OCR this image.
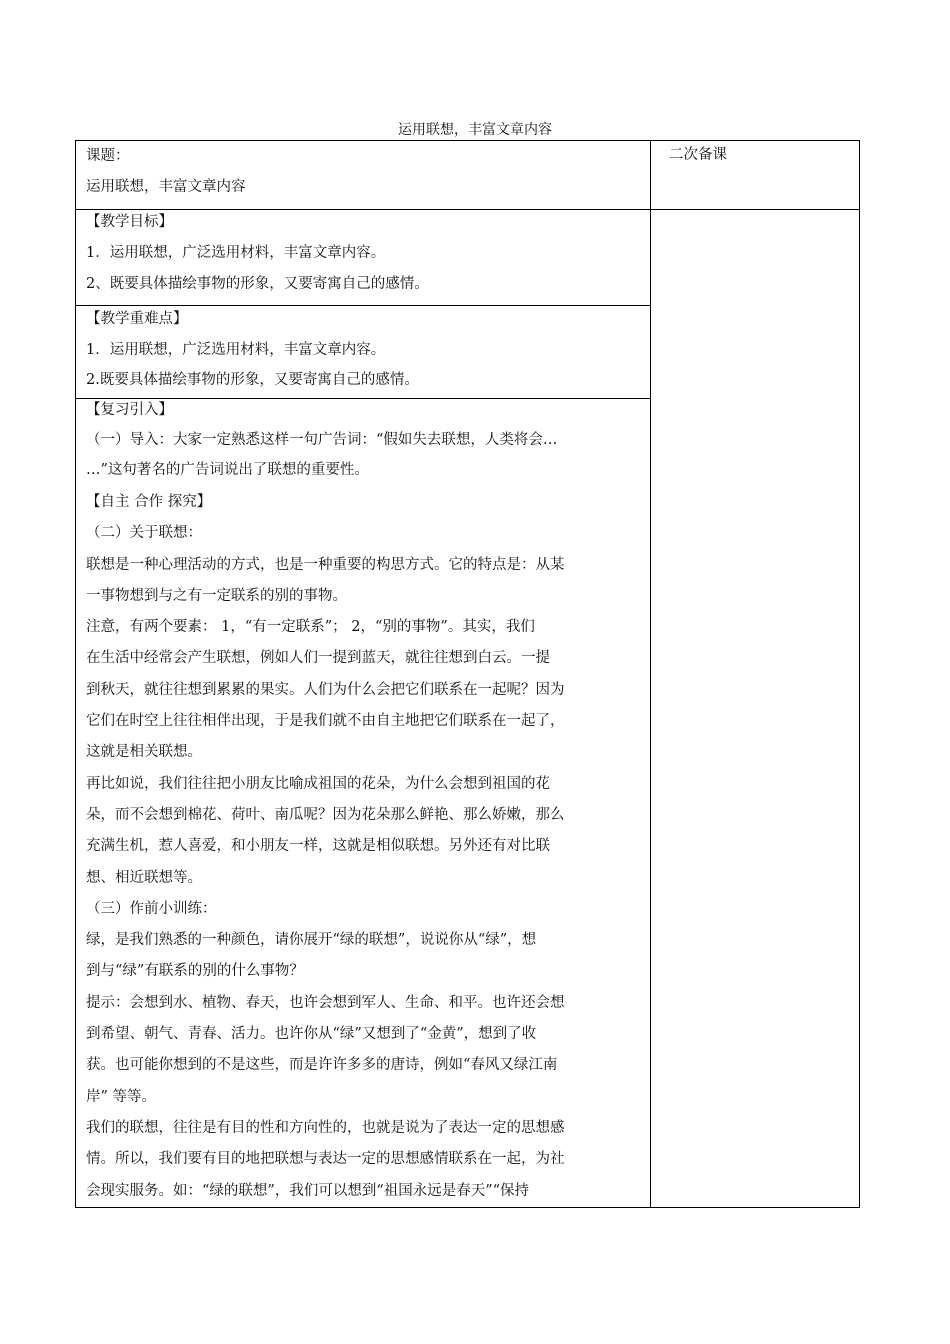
运用联想，丰富文章内容
二次备课

课题：

运用联想，丰富文章内容

【教学目标】

1．运用联想，广泛选用材料，丰富文章内容。

2、既要具体描绘事物的形象，又要寄寓自己的感情。

【教学重难点】

1．运用联想，广泛选用材料，丰富文章内容。

2.既要具体描绘事物的形象，又要寄寓自己的感情。

【复习引入】

（一）导入：大家一定熟悉这样一句广告词：“假如失去联想，人类将会…

…”这句著名的广告词说出了联想的重要性。

【自主 合作 探究】

（二）关于联想：

联想是一种心理活动的方式，也是一种重要的构思方式。它的特点是：从某

一事物想到与之有一定联系的别的事物。

注意，有两个要素： 1，“有一定联系”； 2，“别的事物”。其实，我们

在生活中经常会产生联想，例如人们一提到蓝天，就往往想到白云。一提

到秋天，就往往想到累累的果实。人们为什么会把它们联系在一起呢？因为

它们在时空上往往相伴出现，于是我们就不由自主地把它们联系在一起了，

这就是相关联想。

再比如说，我们往往把小朋友比喻成祖国的花朵，为什么会想到祖国的花

朵，而不会想到棉花、荷叶、南瓜呢？因为花朵那么鲜艳、那么娇嫩，那么

充满生机，惹人喜爱，和小朋友一样，这就是相似联想。另外还有对比联

想、相近联想等。

（三）作前小训练：

绿，是我们熟悉的一种颜色，请你展开“绿的联想”，说说你从“绿”，想

到与“绿”有联系的别的什么事物？

提示：会想到水、植物、春天，也许会想到军人、生命、和平。也许还会想

到希望、朝气、青春、活力。也许你从“绿”又想到了“金黄”，想到了收

获。也可能你想到的不是这些，而是许许多多的唐诗，例如“春风又绿江南

岸” 等等。

我们的联想，往往是有目的性和方向性的，也就是说为了表达一定的思想感

情。所以，我们要有目的地把联想与表达一定的思想感情联系在一起，为社

会现实服务。如：“绿的联想”，我们可以想到“祖国永远是春天”“保持
